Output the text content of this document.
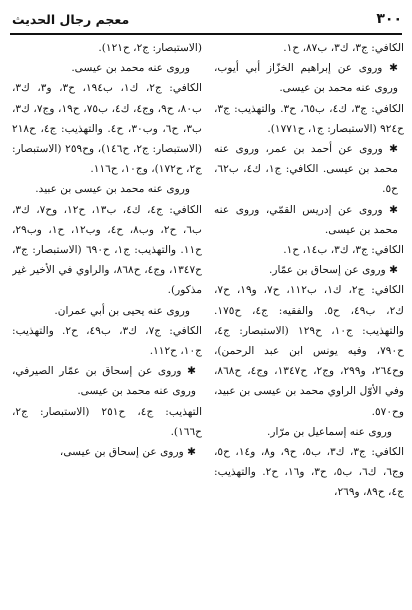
٣٠٠
معجم رجال الحديث

الكافي: ج٣، ك٣، ب٨٧، ح١.

✱ وروى عن إبراهيم الخزّاز أبي أيوب، وروى عنه محمد بن عيسى.

الكافي: ج٣، ك٤، ب٦٥، ح٣. والتهذيب: ج٣، ح٩٢٤ (الاستبصار: ج١، ح١٧٧١).

✱ وروى عن أحمد بن عمر، وروى عنه محمد بن عيسى. الكافي: ج١، ك٤، ب٦٢، ح٥.

✱ وروى عن إدريس القمّي، وروى عنه محمد بن عيسى.

الكافي: ج٣، ك٣، ب١٤، ح١.

✱ وروى عن إسحاق بن عمّار.

الكافي: ج٢، ك١، ب١١٢، ح٧، و١٩، ح٧، ك٢، ب٤٩، ح٥. والفقيه: ج٤، ح١٧٥. والتهذيب: ج١٠، ح١٢٩ (الاستبصار: ج٤، ح٧٩٠، وفيه يونس ابن عبد الرحمن)، وح٢٦٤، و٢٩٩، وج٢، ح١٣٤٧، وج٤، ح٨٦٨، وفي الأوّل الراوي محمد بن عيسى بن عبيد، وح٥٧٠.

وروى عنه إسماعيل بن مرّار.

الكافي: ج٣، ك٣، ب٥، ح٩، و٨، و١٤، ح٥، وج٦، ك٦، ب٥، ح٣، و١٦، ح٢. والتهذيب: ج٤، ح٨٩، و٢٦٩،

(الاستبصار: ج٢، ح١٢١).

وروى عنه محمد بن عيسى.

الكافي: ج٢، ك١، ب١٩٤، ح٣، و٣، ك٣، ب٨٠، ح٩، وج٤، ك٤، ب٧٥، ح١٩، وج٧، ك٣، ب٣، ح٦، وب٣٠، ح٤. والتهذيب: ج٤، ح٢١٨ (الاستبصار: ج٢، ح١٤٦)، وح٢٥٩ (الاستبصار: ج٢، ح١٧٢)، وج١٠، ح١١٦.

وروى عنه محمد بن عيسى بن عبيد.

الكافي: ج٤، ك٤، ب١٣، ح١٢، وح٧، ك٣، ب٦، ح٢، وب٨، ح٤، وب١٢، ح١، وب٢٩، ح١١. والتهذيب: ج١، ح٦٩٠ (الاستبصار: ج٣، ح١٣٤٧، وج٤، ح٨٦٨، والراوي في الأخير غير مذكور).

وروى عنه يحيى بن أبي عمران.

الكافي: ج٧، ك٣، ب٤٩، ح٢. والتهذيب: ج١٠، ح١١٢.

✱ وروى عن إسحاق بن عمّار الصيرفي، وروى عنه محمد بن عيسى.

التهذيب: ج٤، ح٢٥١ (الاستبصار: ج٢، ح١٦٦).

✱ وروى عن إسحاق بن عيسى،
